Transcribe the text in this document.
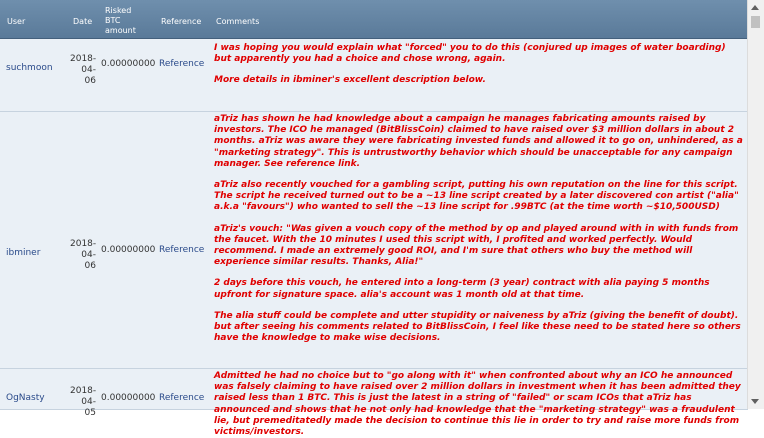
User	Date
Risked BTC amount
Reference Comments
suchmoon
2018-
04-06
0.00000000 Reference

I was hoping you would explain what "forced" you to do this (conjured up images of water boarding) but apparently you had a choice and chose wrong, again.

More details in ibminer's excellent description below.

ibminer
2018-
04-06
0.00000000 Reference

aTriz has shown he had knowledge about a campaign he manages fabricating amounts raised by investors. The ICO he managed (BitBlissCoin) claimed to have raised over $3 million dollars in about 2 months. aTriz was aware they were fabricating invested funds and allowed it to go on, unhindered, as a "marketing strategy". This is untrustworthy behavior which should be unacceptable for any campaign manager. See reference link.

aTriz also recently vouched for a gambling script, putting his own reputation on the line for this script. The script he received turned out to be a ~13 line script created by a later discovered con artist ("alia" a.k.a "favours") who wanted to sell the ~13 line script for .99BTC (at the time worth ~$10,500USD)

aTriz's vouch: "Was given a vouch copy of the method by op and played around with in with funds from the faucet. With the 10 minutes I used this script with, I profited and worked perfectly. Would recommend. I made an extremely good ROI, and I'm sure that others who buy the method will experience similar results. Thanks, Alia!"

2 days before this vouch, he entered into a long-term (3 year) contract with alia paying 5 months upfront for signature space. alia's account was 1 month old at that time.

The alia stuff could be complete and utter stupidity or naiveness by aTriz (giving the benefit of doubt). but after seeing his comments related to BitBlissCoin, I feel like these need to be stated here so others have the knowledge to make wise decisions.

OgNasty
2018-
04-05
0.00000000 Reference

Admitted he had no choice but to "go along with it" when confronted about why an ICO he announced was falsely claiming to have raised over 2 million dollars in investment when it has been admitted they raised less than 1 BTC. This is just the latest in a string of "failed" or scam ICOs that aTriz has announced and shows that he not only had knowledge that the "marketing strategy" was a fraudulent lie, but premeditatedly made the decision to continue this lie in order to try and raise more funds from victims/investors.
